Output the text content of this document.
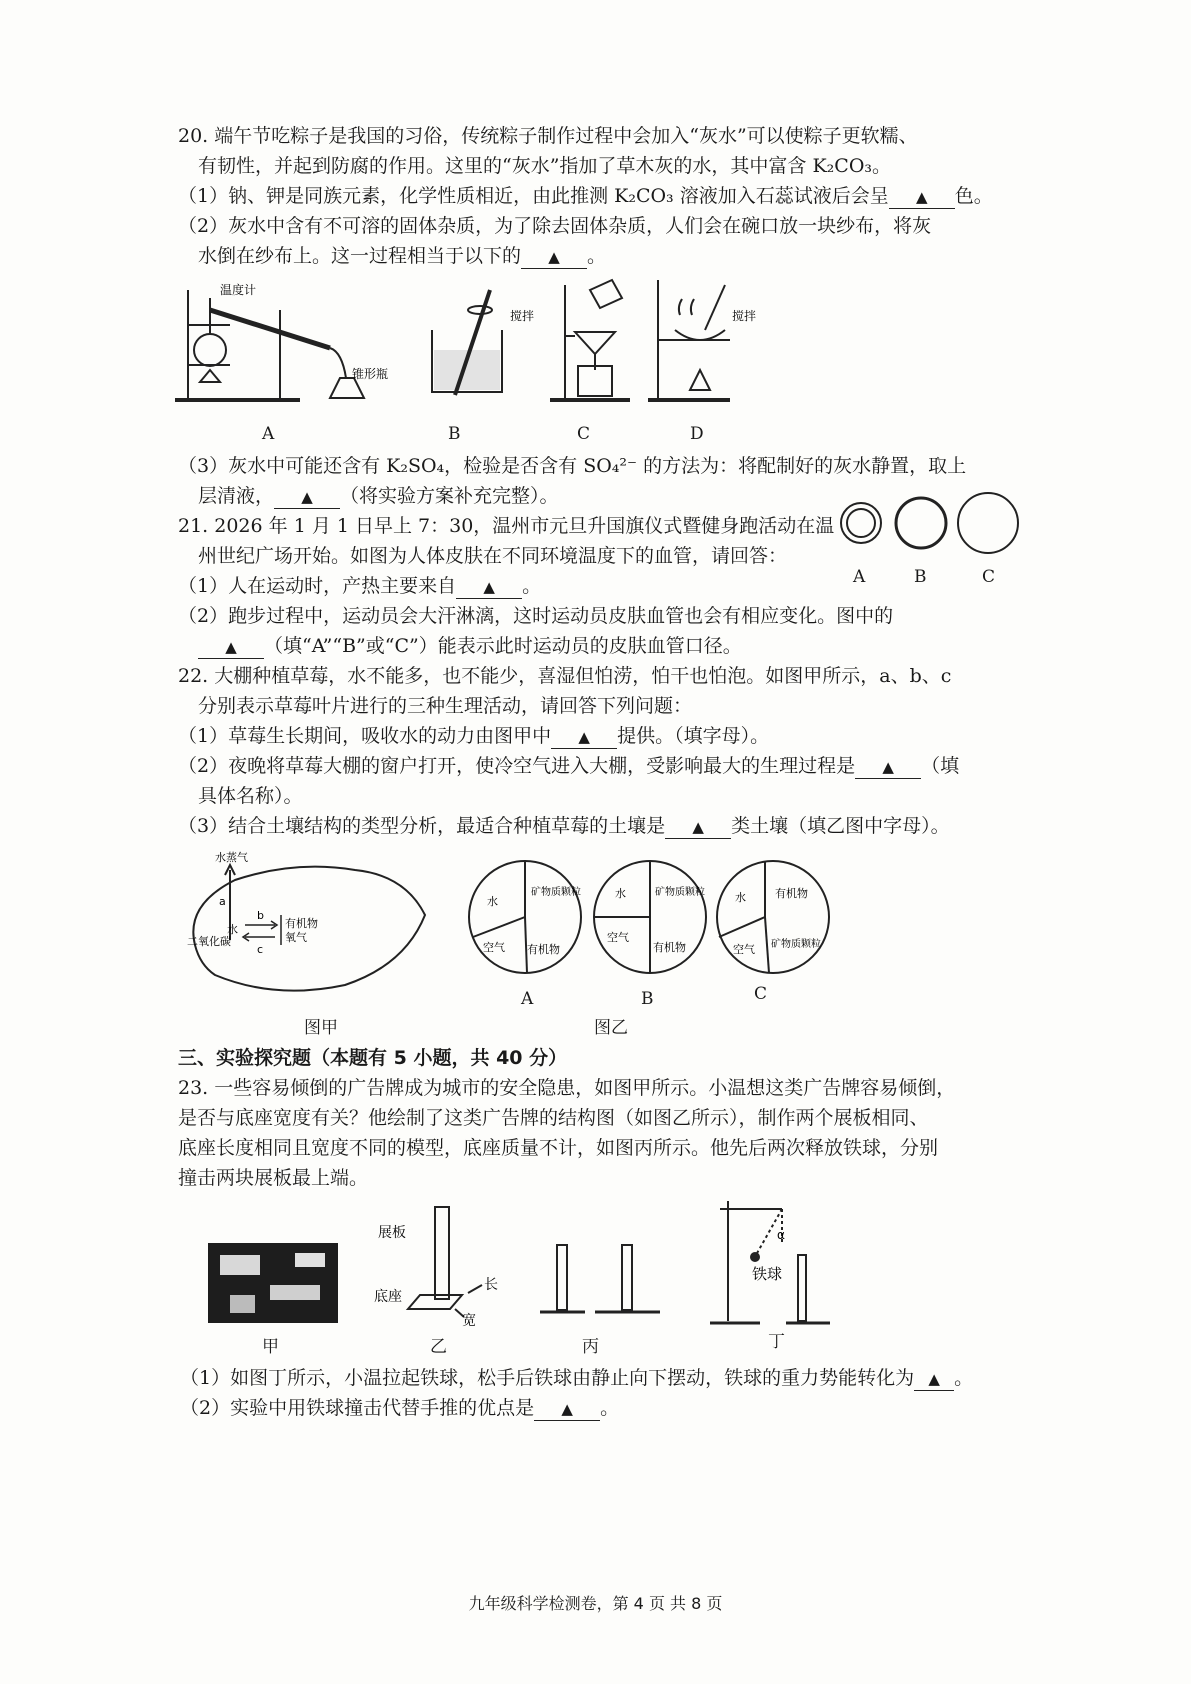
20. 端午节吃粽子是我国的习俗，传统粽子制作过程中会加入“灰水”可以使粽子更软糯、
有韧性，并起到防腐的作用。这里的“灰水”指加了草木灰的水，其中富含 K₂CO₃。
（1）钠、钾是同族元素，化学性质相近，由此推测 K₂CO₃ 溶液加入石蕊试液后会呈 ▲ 色。
（2）灰水中含有不可溶的固体杂质，为了除去固体杂质，人们会在碗口放一块纱布，将灰
水倒在纱布上。这一过程相当于以下的 ▲ 。
温度计
锥形瓶
搅拌	搅拌
A	B	C	D
（3）灰水中可能还含有 K₂SO₄，检验是否含有 SO₄²⁻ 的方法为：将配制好的灰水静置，取上
层清液， ▲ （将实验方案补充完整）。
21. 2026 年 1 月 1 日早上 7：30，温州市元旦升国旗仪式暨健身跑活动在温
州世纪广场开始。如图为人体皮肤在不同环境温度下的血管，请回答：
（1）人在运动时，产热主要来自 ▲ 。
（2）跑步过程中，运动员会大汗淋漓，这时运动员皮肤血管也会有相应变化。图中的
▲ （填“A”“B”或“C”）能表示此时运动员的皮肤血管口径。
A	B	C
22. 大棚种植草莓，水不能多，也不能少，喜湿但怕涝，怕干也怕泡。如图甲所示，a、b、c
分别表示草莓叶片进行的三种生理活动，请回答下列问题：
（1）草莓生长期间，吸收水的动力由图甲中 ▲ 提供。（填字母）。
（2）夜晚将草莓大棚的窗户打开，使冷空气进入大棚，受影响最大的生理过程是 ▲ （填
具体名称）。
（3）结合土壤结构的类型分析，最适合种植草莓的土壤是 ▲ 类土壤（填乙图中字母）。
水蒸气
a
b
c
水
二氧化碳
有机物
氧气
水
矿物质颗粒
空气 有机物
水	矿物质颗粒
空气
有机物
水	有机物
空气 矿物质颗粒
A	B	C
图甲	图乙
三、实验探究题（本题有 5 小题，共 40 分）
23. 一些容易倾倒的广告牌成为城市的安全隐患，如图甲所示。小温想这类广告牌容易倾倒，
是否与底座宽度有关？他绘制了这类广告牌的结构图（如图乙所示），制作两个展板相同、
底座长度相同且宽度不同的模型，底座质量不计，如图丙所示。他先后两次释放铁球，分别
撞击两块展板最上端。
展板
底座
长
宽
α
铁球
甲	乙	丙	丁
（1）如图丁所示，小温拉起铁球，松手后铁球由静止向下摆动，铁球的重力势能转化为 ▲ 。
（2）实验中用铁球撞击代替手推的优点是 ▲ 。
九年级科学检测卷，第 4 页 共 8 页
